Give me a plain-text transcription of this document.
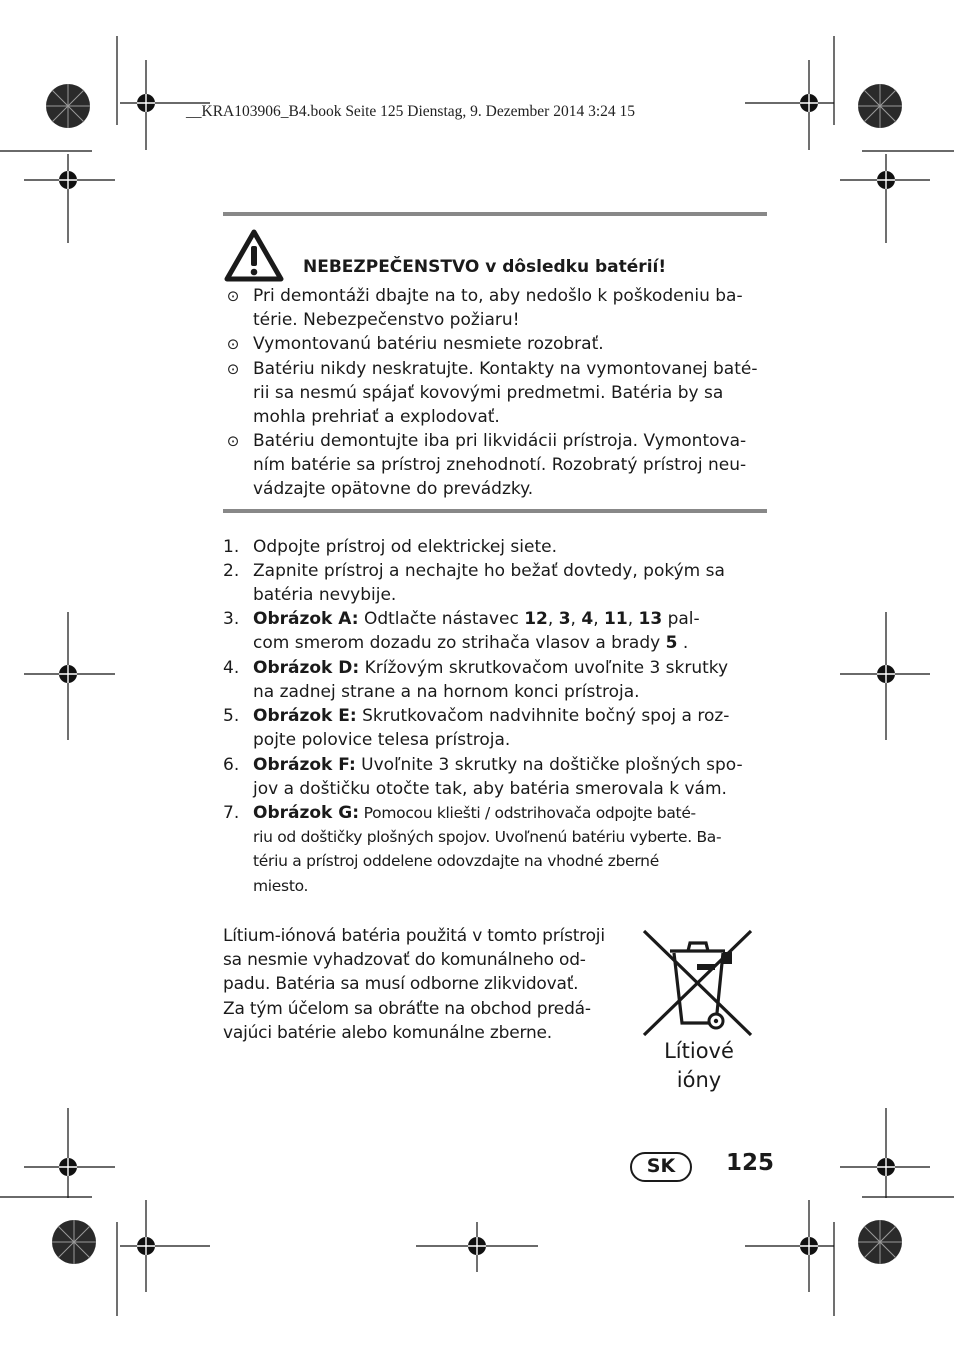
__KRA103906_B4.book Seite 125 Dienstag, 9. Dezember 2014 3:24 15
NEBEZPEČENSTVO v dôsledku batérií!
⊙ Pri demontáži dbajte na to, aby nedošlo k poškodeniu ba-
térie. Nebezpečenstvo požiaru!
⊙ Vymontovanú batériu nesmiete rozobrať.
⊙ Batériu nikdy neskratujte. Kontakty na vymontovanej baté-
rii sa nesmú spájať kovovými predmetmi. Batéria by sa
mohla prehriať a explodovať.
⊙ Batériu demontujte iba pri likvidácii prístroja. Vymontova-
ním batérie sa prístroj znehodnotí. Rozobratý prístroj neu-
vádzajte opätovne do prevádzky.
1. Odpojte prístroj od elektrickej siete.
2. Zapnite prístroj a nechajte ho bežať dovtedy, pokým sa
batéria nevybije.
3. Obrázok A: Odtlačte nástavec 12, 3, 4, 11, 13 pal-
com smerom dozadu zo strihača vlasov a brady 5 .
4. Obrázok D: Krížovým skrutkovačom uvoľnite 3 skrutky
na zadnej strane a na hornom konci prístroja.
5. Obrázok E: Skrutkovačom nadvihnite bočný spoj a roz-
pojte polovice telesa prístroja.
6. Obrázok F: Uvoľnite 3 skrutky na doštičke plošných spo-
jov a doštičku otočte tak, aby batéria smerovala k vám.
7. Obrázok G: Pomocou kliešti / odstrihovača odpojte baté-
riu od doštičky plošných spojov. Uvoľnenú batériu vyberte. Ba-
tériu a prístroj oddelene odovzdajte na vhodné zberné
miesto.
Lítium-iónová batéria použitá v tomto prístroji
sa nesmie vyhadzovať do komunálneho od-
padu. Batéria sa musí odborne zlikvidovať.
Za tým účelom sa obráťte na obchod predá-
vajúci batérie alebo komunálne zberne.
Lítiové
ióny
SK	125
